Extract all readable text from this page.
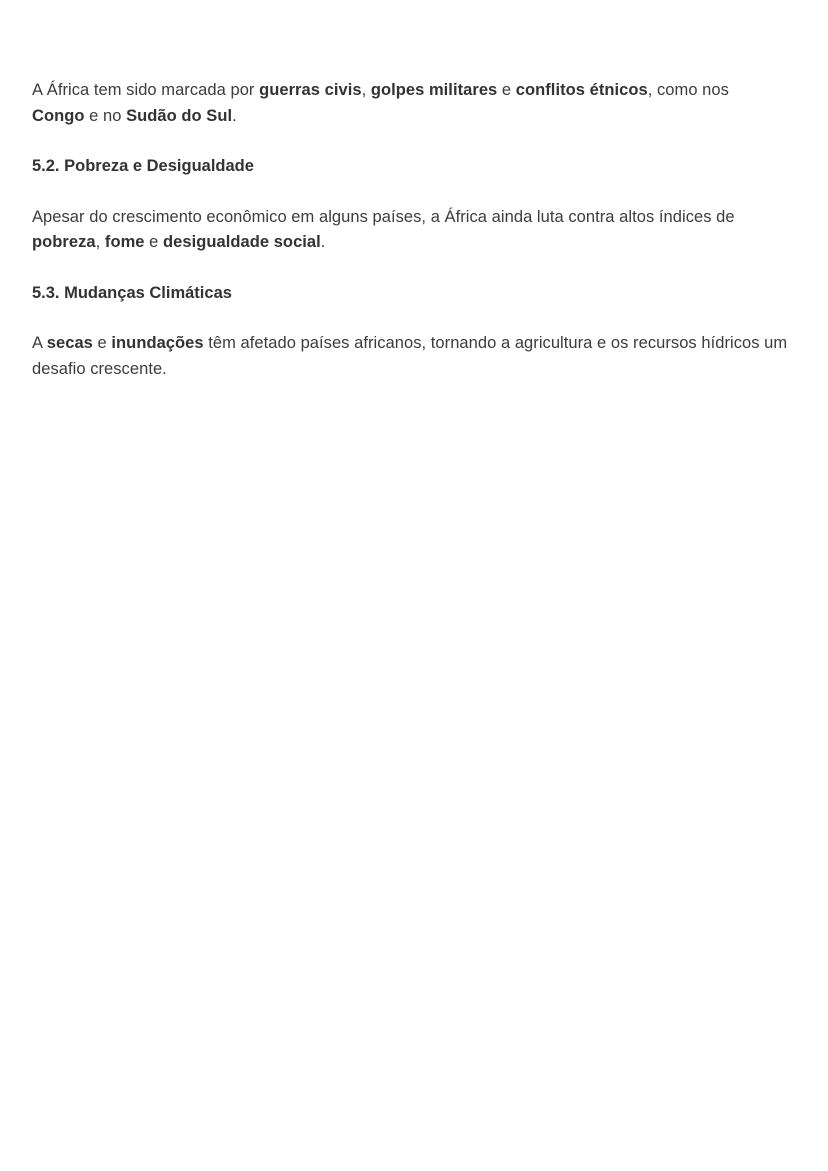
A África tem sido marcada por guerras civis, golpes militares e conflitos étnicos, como nos
Congo e no Sudão do Sul.

5.2. Pobreza e Desigualdade

Apesar do crescimento econômico em alguns países, a África ainda luta contra altos índices de pobreza, fome e desigualdade social.

5.3. Mudanças Climáticas

A secas e inundações têm afetado países africanos, tornando a agricultura e os recursos hídricos um desafio crescente.
